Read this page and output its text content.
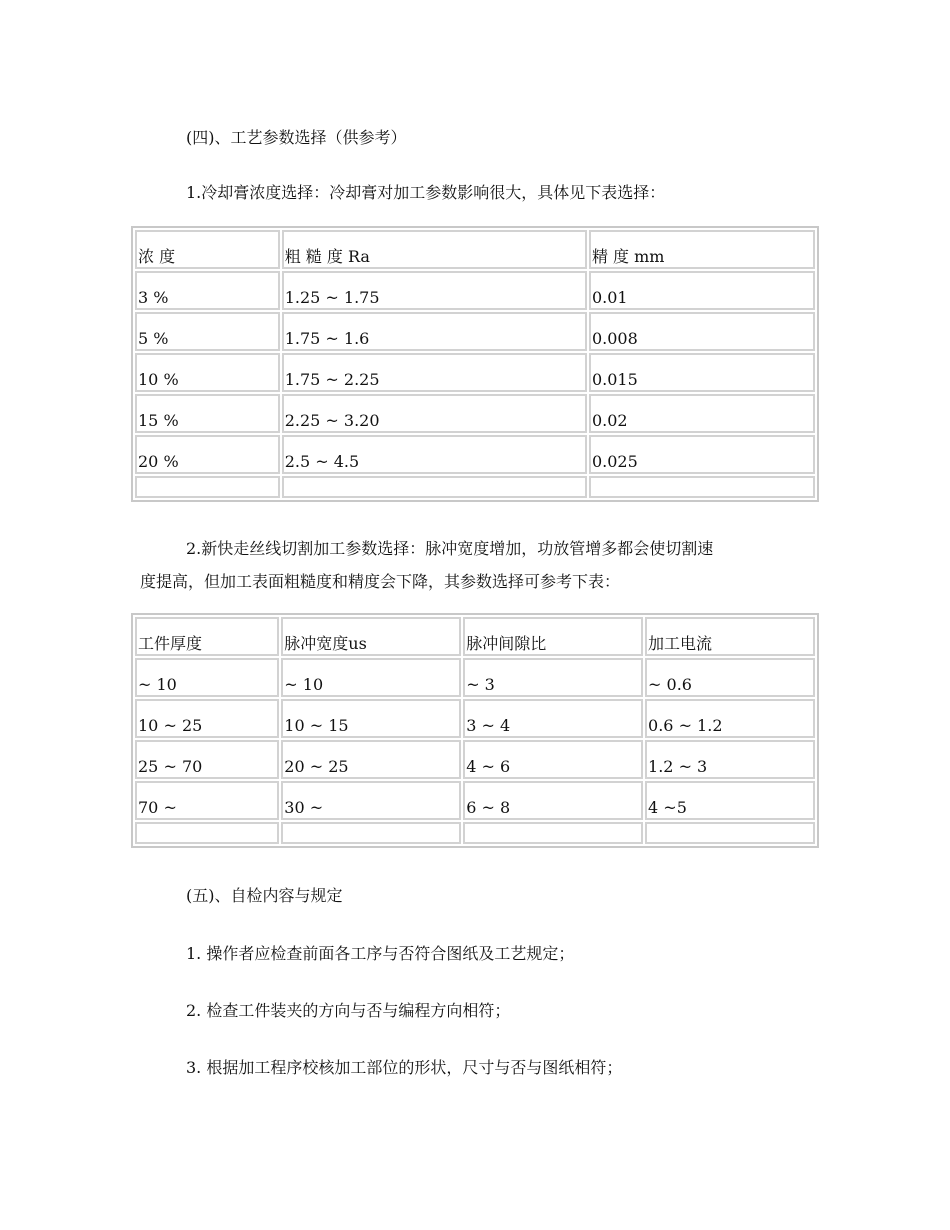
(四)、工艺参数选择（供参考）
1.冷却膏浓度选择：冷却膏对加工参数影响很大，具体见下表选择：
浓 度	粗 糙 度 Ra	精 度 mm

3 %	1.25 ~ 1.75	0.01

5 %	1.75 ~ 1.6	0.008

10 %	1.75 ~ 2.25	0.015

15 %	2.25 ~ 3.20	0.02

20 %	2.5 ~ 4.5	0.025

2.新快走丝线切割加工参数选择：脉冲宽度增加，功放管增多都会使切割速
度提高，但加工表面粗糙度和精度会下降，其参数选择可参考下表：
工件厚度	脉冲宽度us	脉冲间隙比	加工电流

~ 10	~ 10	~ 3	~ 0.6

10 ~ 25	10 ~ 15	3 ~ 4	0.6 ~ 1.2

25 ~ 70	20 ~ 25	4 ~ 6	1.2 ~ 3

70 ~	30 ~	6 ~ 8	4 ~5

(五)、自检内容与规定
1. 操作者应检查前面各工序与否符合图纸及工艺规定；
2. 检查工件装夹的方向与否与编程方向相符；
3. 根据加工程序校核加工部位的形状，尺寸与否与图纸相符；
